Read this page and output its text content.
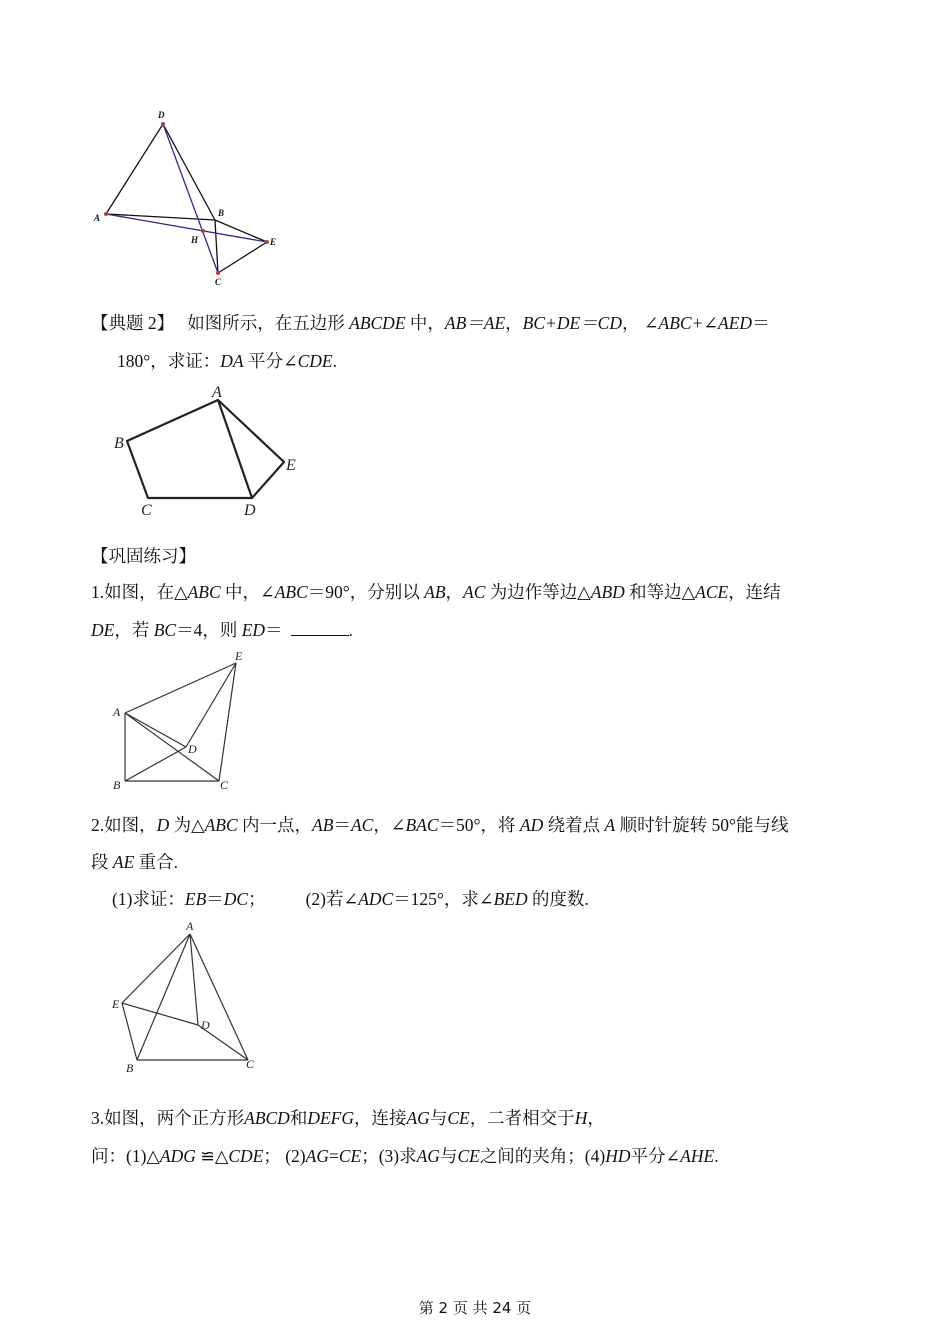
D
A	B
H	E
C
【典题 2】 如图所示，在五边形 ABCDE 中，AB＝AE，BC+DE＝CD， ∠ABC+∠AED＝
180°，求证：DA 平分∠CDE.
A
B
C	D
E
【巩固练习】
1.如图，在△ABC 中，∠ABC＝90°，分别以 AB，AC 为边作等边△ABD 和等边△ACE，连结
DE，若 BC＝4，则 ED＝	.
E
A
D
B	C
2.如图，D 为△ABC 内一点，AB＝AC，∠BAC＝50°，将 AD 绕着点 A 顺时针旋转 50°能与线
段 AE 重合.
(1)求证：EB＝DC； (2)若∠ADC＝125°，求∠BED 的度数.
A
E
D
B	C
3.如图，两个正方形ABCD和DEFG，连接AG与CE，二者相交于H，
问：(1)△ADG ≌△CDE； (2)AG=CE；(3)求AG与CE之间的夹角；(4)HD平分∠AHE.
第 2 页 共 24 页
